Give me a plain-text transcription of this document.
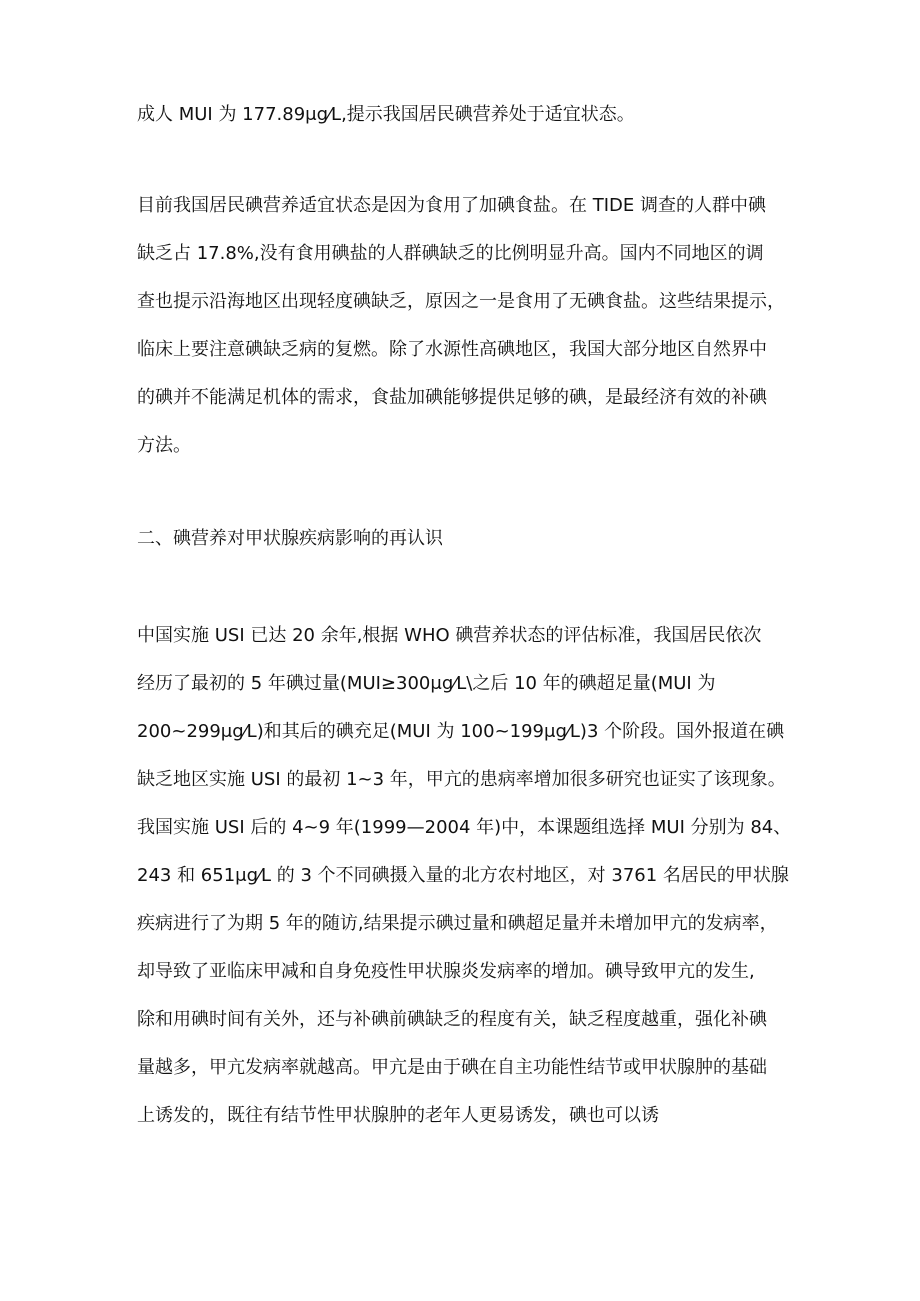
成人 MUI 为 177.89μg⁄L,提示我国居民碘营养处于适宜状态。
目前我国居民碘营养适宜状态是因为食用了加碘食盐。在 TIDE 调查的人群中碘
缺乏占 17.8%,没有食用碘盐的人群碘缺乏的比例明显升高。国内不同地区的调
查也提示沿海地区出现轻度碘缺乏，原因之一是食用了无碘食盐。这些结果提示，
临床上要注意碘缺乏病的复燃。除了水源性高碘地区，我国大部分地区自然界中
的碘并不能满足机体的需求，食盐加碘能够提供足够的碘，是最经济有效的补碘
方法。
二、碘营养对甲状腺疾病影响的再认识
中国实施 USI 已达 20 余年,根据 WHO 碘营养状态的评估标准，我国居民依次
经历了最初的 5 年碘过量(MUI≥300μg⁄L\之后 10 年的碘超足量(MUI 为
200~299μg⁄L)和其后的碘充足(MUI 为 100~199μg⁄L)3 个阶段。国外报道在碘
缺乏地区实施 USI 的最初 1~3 年，甲亢的患病率增加很多研究也证实了该现象。
我国实施 USI 后的 4~9 年(1999—2004 年)中，本课题组选择 MUI 分别为 84、
243 和 651μg⁄L 的 3 个不同碘摄入量的北方农村地区，对 3761 名居民的甲状腺
疾病进行了为期 5 年的随访,结果提示碘过量和碘超足量并未增加甲亢的发病率，
却导致了亚临床甲减和自身免疫性甲状腺炎发病率的增加。碘导致甲亢的发生,
除和用碘时间有关外，还与补碘前碘缺乏的程度有关，缺乏程度越重，强化补碘
量越多，甲亢发病率就越高。甲亢是由于碘在自主功能性结节或甲状腺肿的基础
上诱发的，既往有结节性甲状腺肿的老年人更易诱发，碘也可以诱
